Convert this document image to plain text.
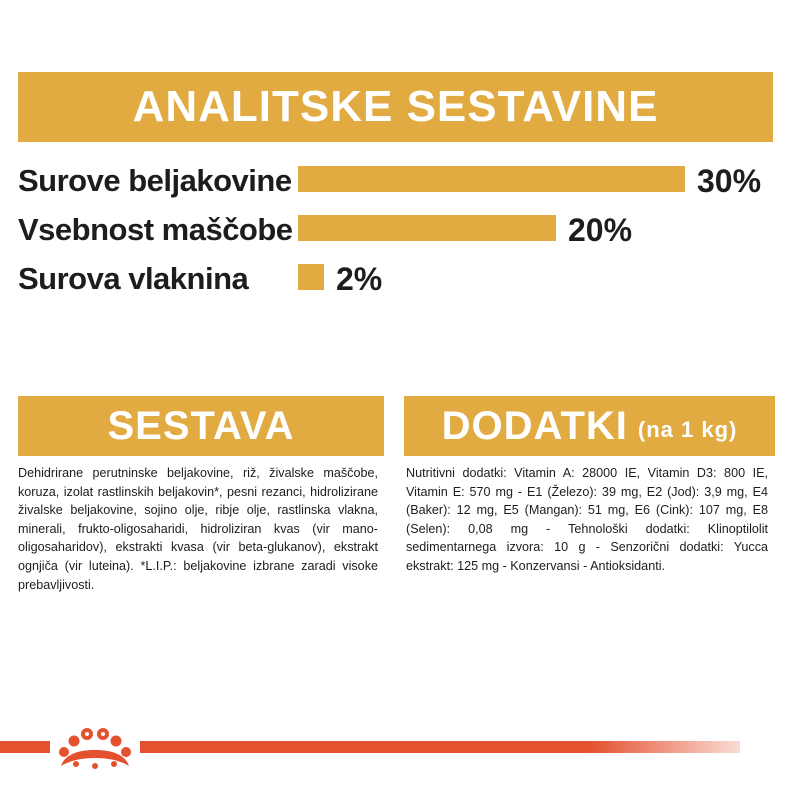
ANALITSKE SESTAVINE
Surove beljakovine	30%
Vsebnost maščobe	20%
Surova vlaknina	2%
SESTAVA
Dehidrirane perutninske beljakovine, riž, živalske maščobe, koruza, izolat rastlinskih beljakovin*, pesni rezanci, hidrolizirane živalske beljakovine, sojino olje, ribje olje, rastlinska vlakna, minerali, frukto-oligosaharidi, hidroliziran kvas (vir mano-oligosaharidov), ekstrakti kvasa (vir beta-glukanov), ekstrakt ognjiča (vir luteina). *L.I.P.: beljakovine izbrane zaradi visoke prebavljivosti.
DODATKI (na 1 kg)
Nutritivni dodatki: Vitamin A: 28000 IE, Vitamin D3: 800 IE, Vitamin E: 570 mg - E1 (Železo): 39 mg, E2 (Jod): 3,9 mg, E4 (Baker): 12 mg, E5 (Mangan): 51 mg, E6 (Cink): 107 mg, E8 (Selen): 0,08 mg - Tehnološki dodatki: Klinoptilolit sedimentarnega izvora: 10 g - Senzorični dodatki: Yucca ekstrakt: 125 mg - Konzervansi - Antioksidanti.
